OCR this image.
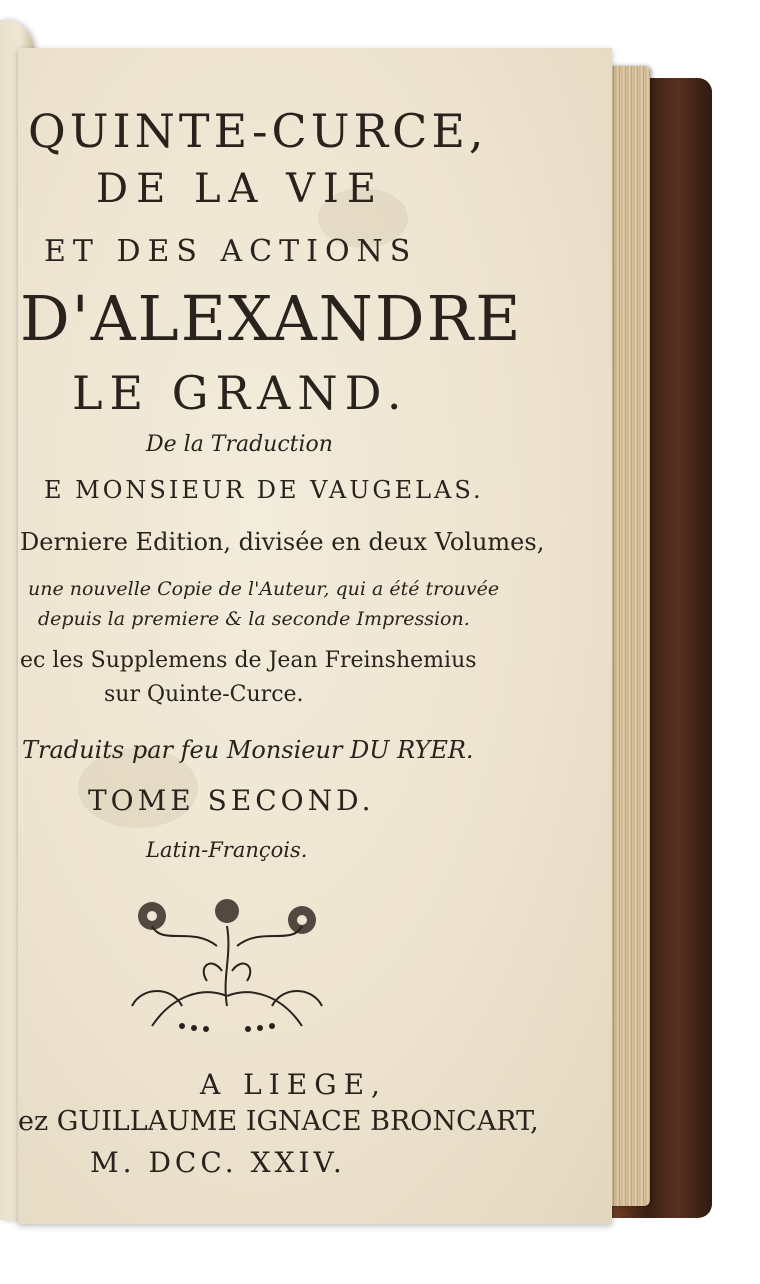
QUINTE-CURCE,
DE LA VIE
ET DES ACTIONS
D'ALEXANDRE
LE GRAND.
De la Traduction
E MONSIEUR DE VAUGELAS.
Derniere Edition, divisée en deux Volumes,
une nouvelle Copie de l'Auteur, qui a été trouvée
depuis la premiere & la seconde Impression.
ec les Supplemens de Jean Freinshemius
sur Quinte-Curce.
Traduits par feu Monsieur DU RYER.
TOME SECOND.
Latin-François.
A LIEGE,
ez GUILLAUME IGNACE BRONCART,
M. DCC. XXIV.
